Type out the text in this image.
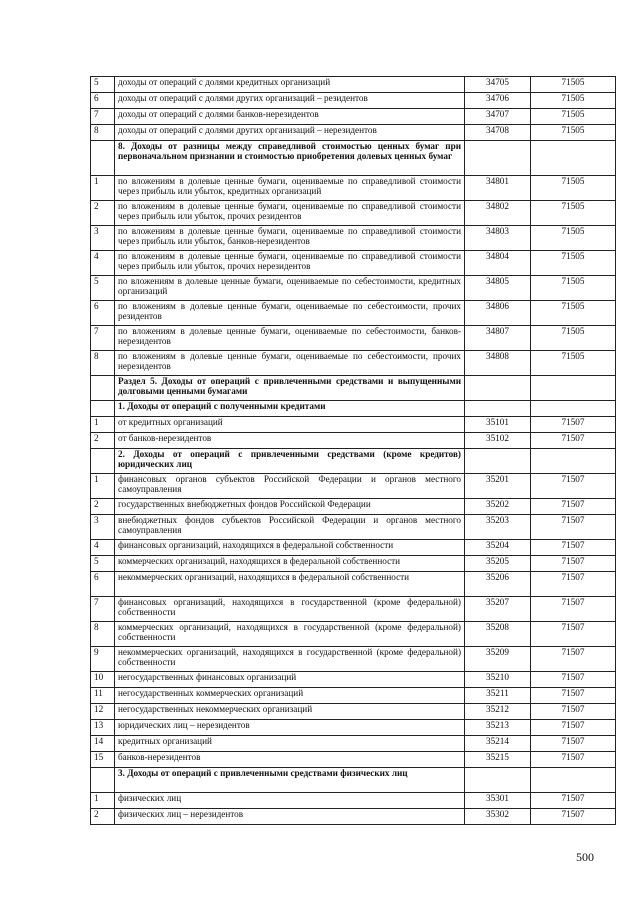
5	доходы от операций с долями кредитных организаций	34705	71505
6	доходы от операций с долями других организаций – резидентов	34706	71505
7	доходы от операций с долями банков-нерезидентов	34707	71505
8	доходы от операций с долями других организаций – нерезидентов	34708	71505
	8. Доходы от разницы между справедливой стоимостью ценных бумаг при первоначальном признании и стоимостью приобретения долевых ценных бумаг		
1	по вложениям в долевые ценные бумаги, оцениваемые по справедливой стоимости через прибыль или убыток, кредитных организаций	34801	71505
2	по вложениям в долевые ценные бумаги, оцениваемые по справедливой стоимости через прибыль или убыток, прочих резидентов	34802	71505
3	по вложениям в долевые ценные бумаги, оцениваемые по справедливой стоимости через прибыль или убыток, банков-нерезидентов	34803	71505
4	по вложениям в долевые ценные бумаги, оцениваемые по справедливой стоимости через прибыль или убыток, прочих нерезидентов	34804	71505
5	по вложениям в долевые ценные бумаги, оцениваемые по себестоимости, кредитных организаций	34805	71505
6	по вложениям в долевые ценные бумаги, оцениваемые по себестоимости, прочих резидентов	34806	71505
7	по вложениям в долевые ценные бумаги, оцениваемые по себестоимости, банков-нерезидентов	34807	71505
8	по вложениям в долевые ценные бумаги, оцениваемые по себестоимости, прочих нерезидентов	34808	71505
	Раздел 5. Доходы от операций с привлеченными средствами и выпущенными долговыми ценными бумагами		
	1. Доходы от операций с полученными кредитами		
1	от кредитных организаций	35101	71507
2	от банков-нерезидентов	35102	71507
	2. Доходы от операций с привлеченными средствами (кроме кредитов) юридических лиц		
1	финансовых органов субъектов Российской Федерации и органов местного самоуправления	35201	71507
2	государственных внебюджетных фондов Российской Федерации	35202	71507
3	внебюджетных фондов субъектов Российской Федерации и органов местного самоуправления	35203	71507
4	финансовых организаций, находящихся в федеральной собственности	35204	71507
5	коммерческих организаций, находящихся в федеральной собственности	35205	71507
6	некоммерческих организаций, находящихся в федеральной собственности	35206	71507
7	финансовых организаций, находящихся в государственной (кроме федеральной) собственности	35207	71507
8	коммерческих организаций, находящихся в государственной (кроме федеральной) собственности	35208	71507
9	некоммерческих организаций, находящихся в государственной (кроме федеральной) собственности	35209	71507
10	негосударственных финансовых организаций	35210	71507
11	негосударственных коммерческих организаций	35211	71507
12	негосударственных некоммерческих организаций	35212	71507
13	юридических лиц – нерезидентов	35213	71507
14	кредитных организаций	35214	71507
15	банков-нерезидентов	35215	71507
	3. Доходы от операций с привлеченными средствами физических лиц		
1	физических лиц	35301	71507
2	физических лиц – нерезидентов	35302	71507
500
